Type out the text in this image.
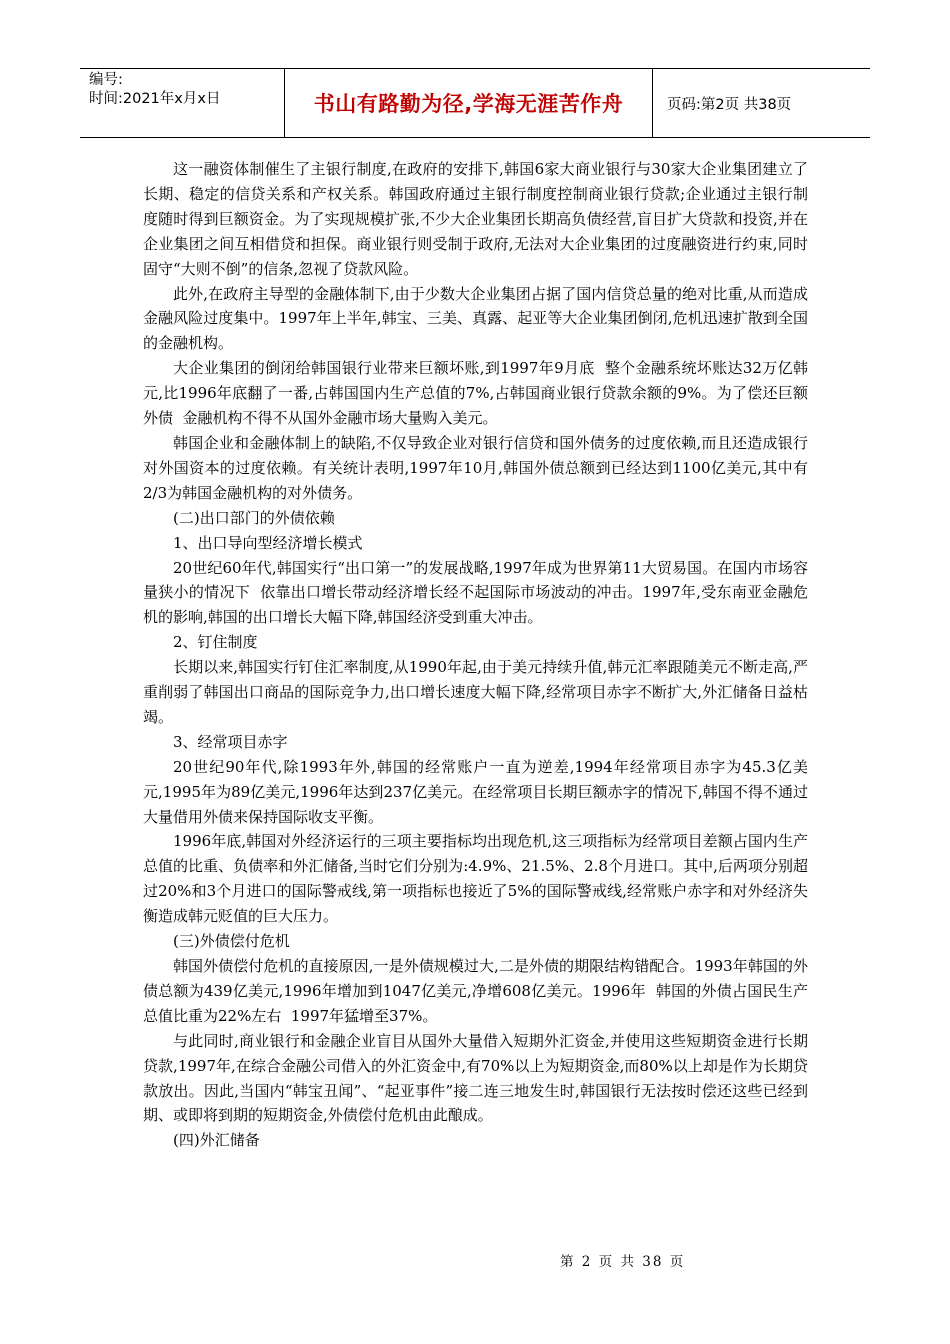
编号:
时间:2021年x月x日	书山有路勤为径,学海无涯苦作舟	页码:第2页 共38页

这一融资体制催生了主银行制度,在政府的安排下,韩国6家大商业银行与30家大企业集团建立了长期、稳定的信贷关系和产权关系。韩国政府通过主银行制度控制商业银行贷款;企业通过主银行制度随时得到巨额资金。为了实现规模扩张,不少大企业集团长期高负债经营,盲目扩大贷款和投资,并在企业集团之间互相借贷和担保。商业银行则受制于政府,无法对大企业集团的过度融资进行约束,同时固守“大则不倒”的信条,忽视了贷款风险。

此外,在政府主导型的金融体制下,由于少数大企业集团占据了国内信贷总量的绝对比重,从而造成金融风险过度集中。1997年上半年,韩宝、三美、真露、起亚等大企业集团倒闭,危机迅速扩散到全国的金融机构。

大企业集团的倒闭给韩国银行业带来巨额坏账,到1997年9月底  整个金融系统坏账达32万亿韩元,比1996年底翻了一番,占韩国国内生产总值的7%,占韩国商业银行贷款余额的9%。为了偿还巨额外债  金融机构不得不从国外金融市场大量购入美元。

韩国企业和金融体制上的缺陷,不仅导致企业对银行信贷和国外债务的过度依赖,而且还造成银行对外国资本的过度依赖。有关统计表明,1997年10月,韩国外债总额到已经达到1100亿美元,其中有2/3为韩国金融机构的对外债务。

(二)出口部门的外债依赖

1、出口导向型经济增长模式

20世纪60年代,韩国实行“出口第一”的发展战略,1997年成为世界第11大贸易国。在国内市场容量狭小的情况下  依靠出口增长带动经济增长经不起国际市场波动的冲击。1997年,受东南亚金融危机的影响,韩国的出口增长大幅下降,韩国经济受到重大冲击。

2、钉住制度

长期以来,韩国实行钉住汇率制度,从1990年起,由于美元持续升值,韩元汇率跟随美元不断走高,严重削弱了韩国出口商品的国际竞争力,出口增长速度大幅下降,经常项目赤字不断扩大,外汇储备日益枯竭。

3、经常项目赤字

20世纪90年代,除1993年外,韩国的经常账户一直为逆差,1994年经常项目赤字为45.3亿美元,1995年为89亿美元,1996年达到237亿美元。在经常项目长期巨额赤字的情况下,韩国不得不通过大量借用外债来保持国际收支平衡。

1996年底,韩国对外经济运行的三项主要指标均出现危机,这三项指标为经常项目差额占国内生产总值的比重、负债率和外汇储备,当时它们分别为:4.9%、21.5%、2.8个月进口。其中,后两项分别超过20%和3个月进口的国际警戒线,第一项指标也接近了5%的国际警戒线,经常账户赤字和对外经济失衡造成韩元贬值的巨大压力。

(三)外债偿付危机

韩国外债偿付危机的直接原因,一是外债规模过大,二是外债的期限结构错配合。1993年韩国的外债总额为439亿美元,1996年增加到1047亿美元,净增608亿美元。1996年  韩国的外债占国民生产总值比重为22%左右  1997年猛增至37%。

与此同时,商业银行和金融企业盲目从国外大量借入短期外汇资金,并使用这些短期资金进行长期贷款,1997年,在综合金融公司借入的外汇资金中,有70%以上为短期资金,而80%以上却是作为长期贷款放出。因此,当国内“韩宝丑闻”、“起亚事件”接二连三地发生时,韩国银行无法按时偿还这些已经到期、或即将到期的短期资金,外债偿付危机由此酿成。

(四)外汇储备

第 2 页 共 38 页
